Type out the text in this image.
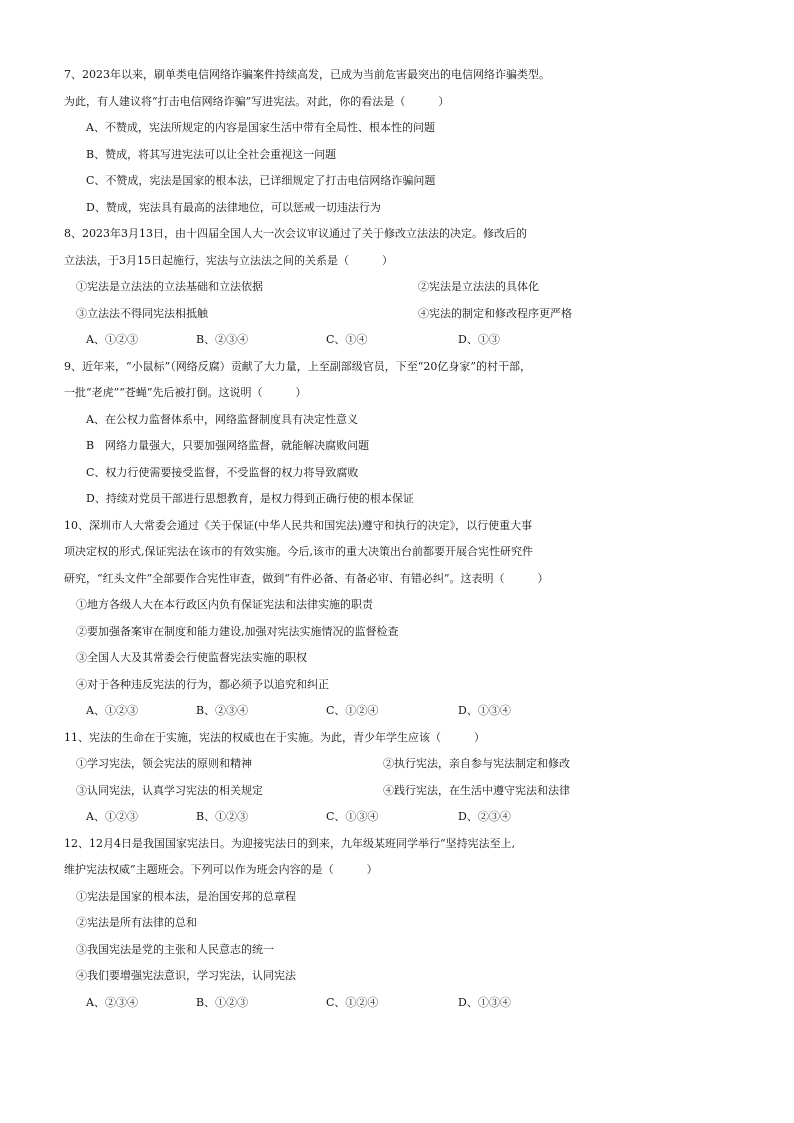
7、2023年以来，刷单类电信网络诈骗案件持续高发，已成为当前危害最突出的电信网络诈骗类型。
为此，有人建议将“打击电信网络诈骗”写进宪法。对此，你的看法是（　　　）
A、不赞成，宪法所规定的内容是国家生活中带有全局性、根本性的问题
B、赞成，将其写进宪法可以让全社会重视这一问题
C、不赞成，宪法是国家的根本法，已详细规定了打击电信网络诈骗问题
D、赞成，宪法具有最高的法律地位，可以惩戒一切违法行为
8、2023年3月13日，由十四届全国人大一次会议审议通过了关于修改立法法的决定。修改后的
立法法，于3月15日起施行，宪法与立法法之间的关系是（　　　）
①宪法是立法法的立法基础和立法依据	②宪法是立法法的具体化
③立法法不得同宪法相抵触	④宪法的制定和修改程序更严格
A、①②③	B、②③④	C、①④	D、①③
9、近年来，“小鼠标”（网络反腐）贡献了大力量，上至副部级官员，下至“20亿身家”的村干部，
一批“老虎”“苍蝇”先后被打倒。这说明（　　　）
A、在公权力监督体系中，网络监督制度具有决定性意义
B　网络力量强大，只要加强网络监督，就能解决腐败问题
C、权力行使需要接受监督，不受监督的权力将导致腐败
D、持续对党员干部进行思想教育，是权力得到正确行使的根本保证
10、深圳市人大常委会通过《关于保证(中华人民共和国宪法)遵守和执行的决定》，以行使重大事
项决定权的形式,保证宪法在该市的有效实施。今后,该市的重大决策出台前都要开展合宪性研究件
研究，“红头文件”全部要作合宪性审查，做到“有件必备、有备必审、有错必纠”。这表明（　　　）
①地方各级人大在本行政区内负有保证宪法和法律实施的职责
②要加强备案审在制度和能力建设,加强对宪法实施情况的监督检查
③全国人大及其常委会行使监督宪法实施的职权
④对于各种违反宪法的行为，都必须予以追究和纠正
A、①②③	B、②③④	C、①②④	D、①③④
11、宪法的生命在于实施，宪法的权威也在于实施。为此，青少年学生应该（　　　）
①学习宪法，领会宪法的原则和精神	②执行宪法，亲自参与宪法制定和修改
③认同宪法，认真学习宪法的相关规定	④践行宪法，在生活中遵守宪法和法律
A、①②③	B、①②③	C、①③④	D、②③④
12、12月4日是我国国家宪法日。为迎接宪法日的到来，九年级某班同学举行“坚持宪法至上,
维护宪法权威”主题班会。下列可以作为班会内容的是（　　　）
①宪法是国家的根本法，是治国安邦的总章程
②宪法是所有法律的总和
③我国宪法是党的主张和人民意志的统一
④我们要增强宪法意识，学习宪法，认同宪法
A、②③④	B、①②③	C、①②④	D、①③④
